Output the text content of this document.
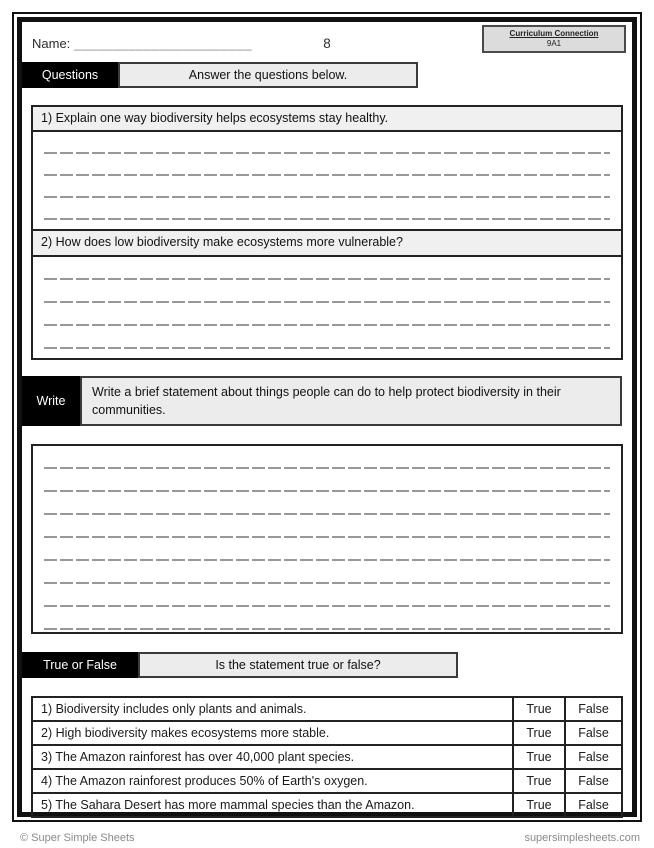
Name: _______________________	8
Curriculum Connection
9A1
Questions	Answer the questions below.
1) Explain one way biodiversity helps ecosystems stay healthy.
2) How does low biodiversity make ecosystems more vulnerable?
Write
Write a brief statement about things people can do to help protect biodiversity in their communities.
True or False	Is the statement true or false?
1) Biodiversity includes only plants and animals.	True	False
2) High biodiversity makes ecosystems more stable.	True	False
3) The Amazon rainforest has over 40,000 plant species.	True	False
4) The Amazon rainforest produces 50% of Earth's oxygen.	True	False
5) The Sahara Desert has more mammal species than the Amazon.	True	False
© Super Simple Sheets	supersimplesheets.com
